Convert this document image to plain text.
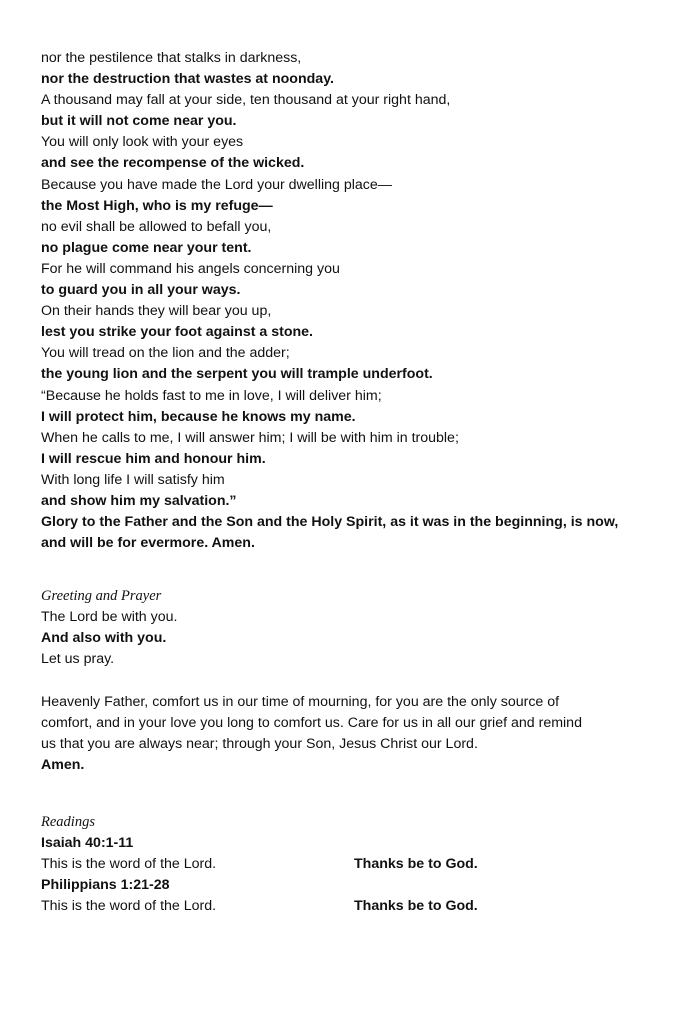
nor the pestilence that stalks in darkness,
nor the destruction that wastes at noonday.
A thousand may fall at your side, ten thousand at your right hand,
but it will not come near you.
You will only look with your eyes
and see the recompense of the wicked.
Because you have made the Lord your dwelling place—
the Most High, who is my refuge—
no evil shall be allowed to befall you,
no plague come near your tent.
For he will command his angels concerning you
to guard you in all your ways.
On their hands they will bear you up,
lest you strike your foot against a stone.
You will tread on the lion and the adder;
the young lion and the serpent you will trample underfoot.
“Because he holds fast to me in love, I will deliver him;
I will protect him, because he knows my name.
When he calls to me, I will answer him; I will be with him in trouble;
I will rescue him and honour him.
With long life I will satisfy him
and show him my salvation.”
Glory to the Father and the Son and the Holy Spirit, as it was in the beginning, is now,
and will be for evermore. Amen.
Greeting and Prayer
The Lord be with you.
And also with you.
Let us pray.
Heavenly Father, comfort us in our time of mourning, for you are the only source of
comfort, and in your love you long to comfort us. Care for us in all our grief and remind
us that you are always near; through your Son, Jesus Christ our Lord.
Amen.
Readings
Isaiah 40:1-11
This is the word of the Lord.	Thanks be to God.
Philippians 1:21-28
This is the word of the Lord.	Thanks be to God.
